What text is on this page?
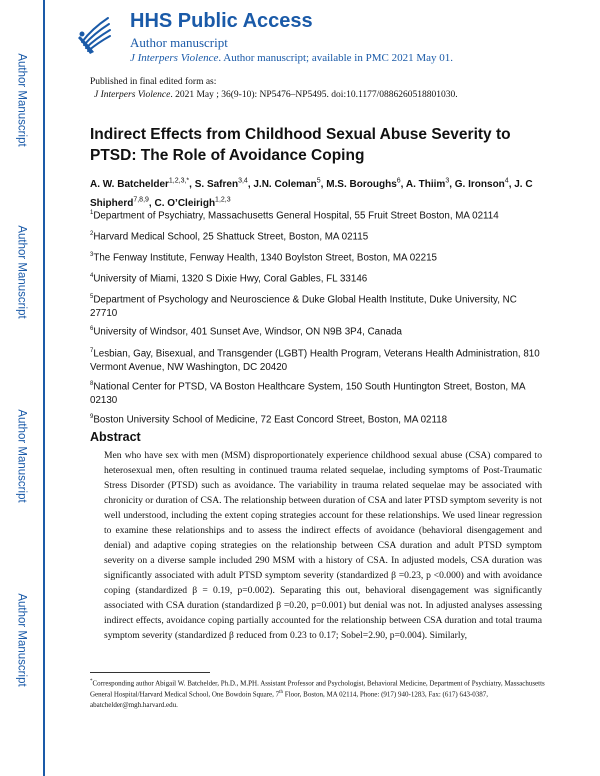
Author Manuscript
Author Manuscript
Author Manuscript
Author Manuscript
HHS Public Access
Author manuscript
J Interpers Violence. Author manuscript; available in PMC 2021 May 01.
Published in final edited form as:
J Interpers Violence. 2021 May ; 36(9-10): NP5476–NP5495. doi:10.1177/0886260518801030.
Indirect Effects from Childhood Sexual Abuse Severity to PTSD: The Role of Avoidance Coping
A. W. Batchelder$^{1,2,3,*}$, S. Safren$^{3,4}$, J.N. Coleman$^5$, M.S. Boroughs$^6$, A. Thiim$^3$, G. Ironson$^4$, J. C Shipherd$^{7,8,9}$, C. O’Cleirigh$^{1,2,3}$
$^1$Department of Psychiatry, Massachusetts General Hospital, 55 Fruit Street Boston, MA 02114
$^2$Harvard Medical School, 25 Shattuck Street, Boston, MA 02115
$^3$The Fenway Institute, Fenway Health, 1340 Boylston Street, Boston, MA 02215
$^4$University of Miami, 1320 S Dixie Hwy, Coral Gables, FL 33146
$^5$Department of Psychology and Neuroscience & Duke Global Health Institute, Duke University, NC 27710
$^6$University of Windsor, 401 Sunset Ave, Windsor, ON N9B 3P4, Canada
$^7$Lesbian, Gay, Bisexual, and Transgender (LGBT) Health Program, Veterans Health Administration, 810 Vermont Avenue, NW Washington, DC 20420
$^8$National Center for PTSD, VA Boston Healthcare System, 150 South Huntington Street, Boston, MA 02130
$^9$Boston University School of Medicine, 72 East Concord Street, Boston, MA 02118
Abstract
Men who have sex with men (MSM) disproportionately experience childhood sexual abuse (CSA) compared to heterosexual men, often resulting in continued trauma related sequelae, including symptoms of Post-Traumatic Stress Disorder (PTSD) such as avoidance. The variability in trauma related sequelae may be associated with chronicity or duration of CSA. The relationship between duration of CSA and later PTSD symptom severity is not well understood, including the extent coping strategies account for these relationships. We used linear regression to examine these relationships and to assess the indirect effects of avoidance (behavioral disengagement and denial) and adaptive coping strategies on the relationship between CSA duration and adult PTSD symptom severity on a diverse sample included 290 MSM with a history of CSA. In adjusted models, CSA duration was significantly associated with adult PTSD symptom severity (standardized β =0.23, p <0.000) and with avoidance coping (standardized β = 0.19, p=0.002). Separating this out, behavioral disengagement was significantly associated with CSA duration (standardized β =0.20, p=0.001) but denial was not. In adjusted analyses assessing indirect effects, avoidance coping partially accounted for the relationship between CSA duration and total trauma symptom severity (standardized β reduced from 0.23 to 0.17; Sobel=2.90, p=0.004). Similarly,
*Corresponding author Abigail W. Batchelder, Ph.D., M.PH. Assistant Professor and Psychologist, Behavioral Medicine, Department of Psychiatry, Massachusetts General Hospital/Harvard Medical School, One Bowdoin Square, 7th Floor, Boston, MA 02114, Phone: (917) 940-1283, Fax: (617) 643-0387, abatchelder@mgh.harvard.edu.
